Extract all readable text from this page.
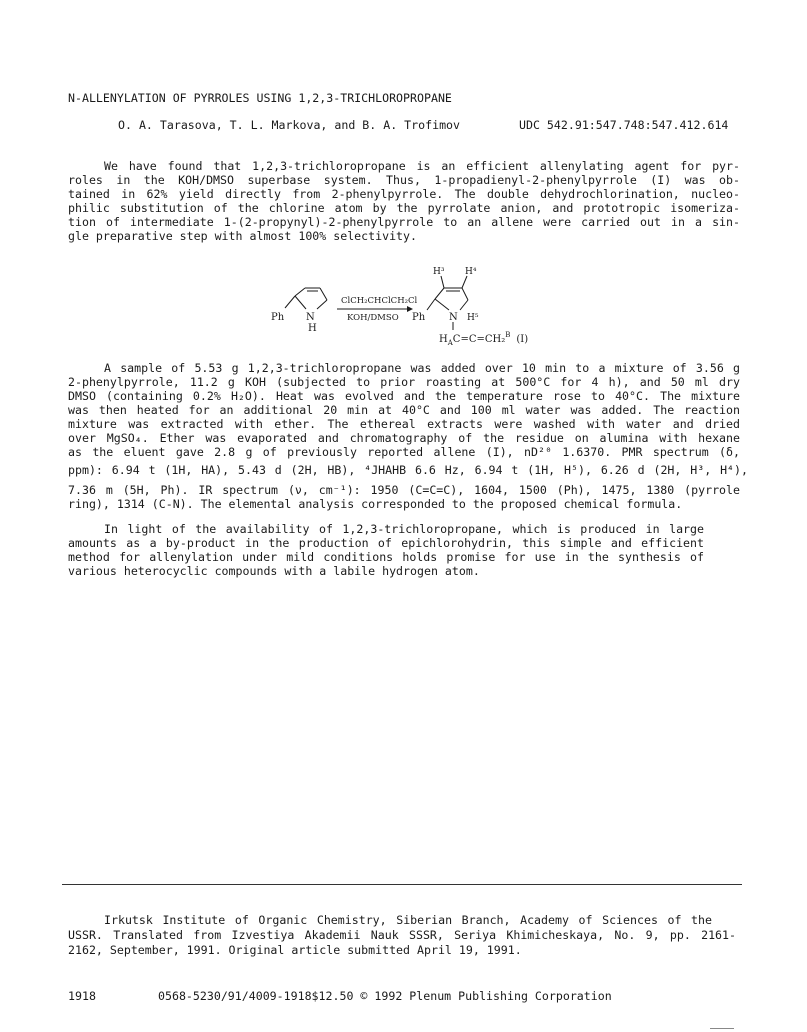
N-ALLENYLATION OF PYRROLES USING 1,2,3-TRICHLOROPROPANE
O. A. Tarasova, T. L. Markova, and B. A. Trofimov	UDC 542.91:547.748:547.412.614
We have found that 1,2,3-trichloropropane is an efficient allenylating agent for pyr-
roles in the KOH/DMSO superbase system. Thus, 1-propadienyl-2-phenylpyrrole (I) was ob-
tained in 62% yield directly from 2-phenylpyrrole. The double dehydrochlorination, nucleo-
philic substitution of the chlorine atom by the pyrrolate anion, and prototropic isomeriza-
tion of intermediate 1-(2-propynyl)-2-phenylpyrrole to an allene were carried out in a sin-
gle preparative step with almost 100% selectivity.
ClCH₂CHClCH₂Cl
KOH/DMSO
Ph N
H
H³ H⁴
H⁵
Ph N
$H_AC=C=CH_2^B$ (I)
A sample of 5.53 g 1,2,3-trichloropropane was added over 10 min to a mixture of 3.56 g
2-phenylpyrrole, 11.2 g KOH (subjected to prior roasting at 500°C for 4 h), and 50 ml dry
DMSO (containing 0.2% H₂O). Heat was evolved and the temperature rose to 40°C. The mixture
was then heated for an additional 20 min at 40°C and 100 ml water was added. The reaction
mixture was extracted with ether. The ethereal extracts were washed with water and dried
over MgSO₄. Ether was evaporated and chromatography of the residue on alumina with hexane
as the eluent gave 2.8 g of previously reported allene (I), nD²⁰ 1.6370. PMR spectrum (δ,
ppm): 6.94 t (1H, HA), 5.43 d (2H, HB), ⁴JHAHB 6.6 Hz, 6.94 t (1H, H⁵), 6.26 d (2H, H³, H⁴),
7.36 m (5H, Ph). IR spectrum (ν, cm⁻¹): 1950 (C=C=C), 1604, 1500 (Ph), 1475, 1380 (pyrrole
ring), 1314 (C-N). The elemental analysis corresponded to the proposed chemical formula.
In light of the availability of 1,2,3-trichloropropane, which is produced in large
amounts as a by-product in the production of epichlorohydrin, this simple and efficient
method for allenylation under mild conditions holds promise for use in the synthesis of
various heterocyclic compounds with a labile hydrogen atom.
Irkutsk Institute of Organic Chemistry, Siberian Branch, Academy of Sciences of the
USSR. Translated from Izvestiya Akademii Nauk SSSR, Seriya Khimicheskaya, No. 9, pp. 2161-
2162, September, 1991. Original article submitted April 19, 1991.
1918	0568-5230/91/4009-1918$12.50 © 1992 Plenum Publishing Corporation
